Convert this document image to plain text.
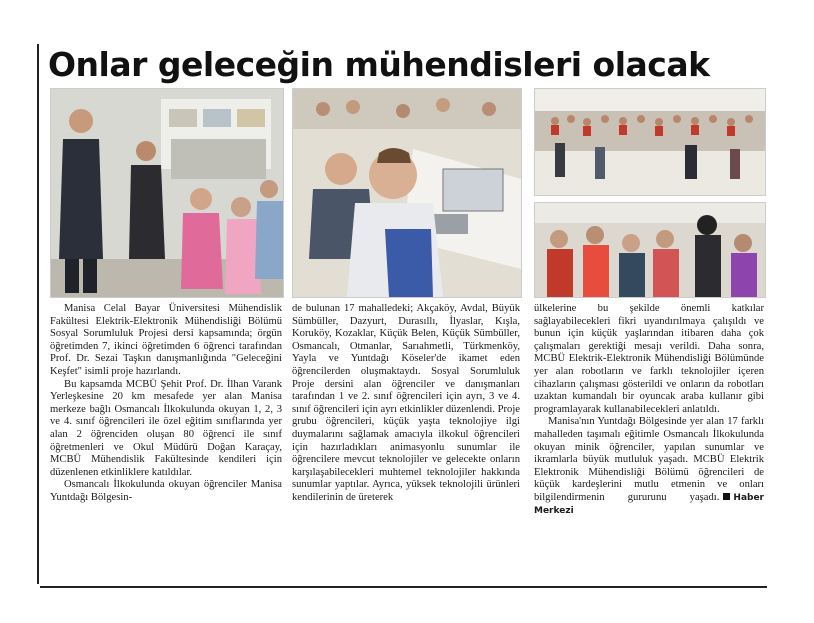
Onlar geleceğin mühendisleri olacak

Manisa Celal Bayar Üniversitesi Mühendislik Fakültesi Elektrik-Elektronik Mühendisliği Bölümü Sosyal Sorumluluk Projesi dersi kapsamında; örgün öğretimden 7, ikinci öğretimden 6 öğrenci tarafından Prof. Dr. Sezai Taşkın danışmanlığında "Geleceğini Keşfet" isimli proje hazırlandı.

Bu kapsamda MCBÜ Şehit Prof. Dr. İlhan Varank Yerleşkesine 20 km mesafede yer alan Manisa merkeze bağlı Osmancalı İlkokulunda okuyan 1, 2, 3 ve 4. sınıf öğrencileri ile özel eğitim sınıflarında yer alan 2 öğrenciden oluşan 80 öğrenci ile sınıf öğretmenleri ve Okul Müdürü Doğan Karaçay, MCBÜ Mühendislik Fakültesinde kendileri için düzenlenen etkinliklere katıldılar.

Osmancalı İlkokulunda okuyan öğrenciler Manisa Yuntdağı Bölgesin-

de bulunan 17 mahalledeki; Akçaköy, Avdal, Büyük Sümbüller, Dazyurt, Durasıllı, İlyaslar, Kışla, Koruköy, Kozaklar, Küçük Belen, Küçük Sümbüller, Osmancalı, Otmanlar, Sarıahmetli, Türkmenköy, Yayla ve Yuntdağı Köseler'de ikamet eden öğrencilerden oluşmaktaydı. Sosyal Sorumluluk Proje dersini alan öğrenciler ve danışmanları tarafından 1 ve 2. sınıf öğrencileri için ayrı, 3 ve 4. sınıf öğrencileri için ayrı etkinlikler düzenlendi. Proje grubu öğrencileri, küçük yaşta teknolojiye ilgi duymalarını sağlamak amacıyla ilkokul öğrencileri için hazırladıkları animasyonlu sunumlar ile öğrencilere mevcut teknolojiler ve gelecekte onların karşılaşabilecekleri muhtemel teknolojiler hakkında sunumlar yaptılar. Ayrıca, yüksek teknolojili ürünleri kendilerinin de üreterek

ülkelerine bu şekilde önemli katkılar sağlayabilecekleri fikri uyandırılmaya çalışıldı ve bunun için küçük yaşlarından itibaren daha çok çalışmaları gerektiği mesajı verildi. Daha sonra, MCBÜ Elektrik-Elektronik Mühendisliği Bölümünde yer alan robotların ve farklı teknolojiler içeren cihazların çalışması gösterildi ve onların da robotları uzaktan kumandalı bir oyuncak araba kullanır gibi programlayarak kullanabilecekleri anlatıldı.

Manisa'nın Yuntdağı Bölgesinde yer alan 17 farklı mahalleden taşımalı eğitimle Osmancalı İlkokulunda okuyan minik öğrenciler, yapılan sunumlar ve ikramlarla büyük mutluluk yaşadı. MCBÜ Elektrik Elektronik Mühendisliği Bölümü öğrencileri de küçük kardeşlerini mutlu etmenin ve onları bilgilendirmenin gururunu yaşadı. Haber Merkezi
